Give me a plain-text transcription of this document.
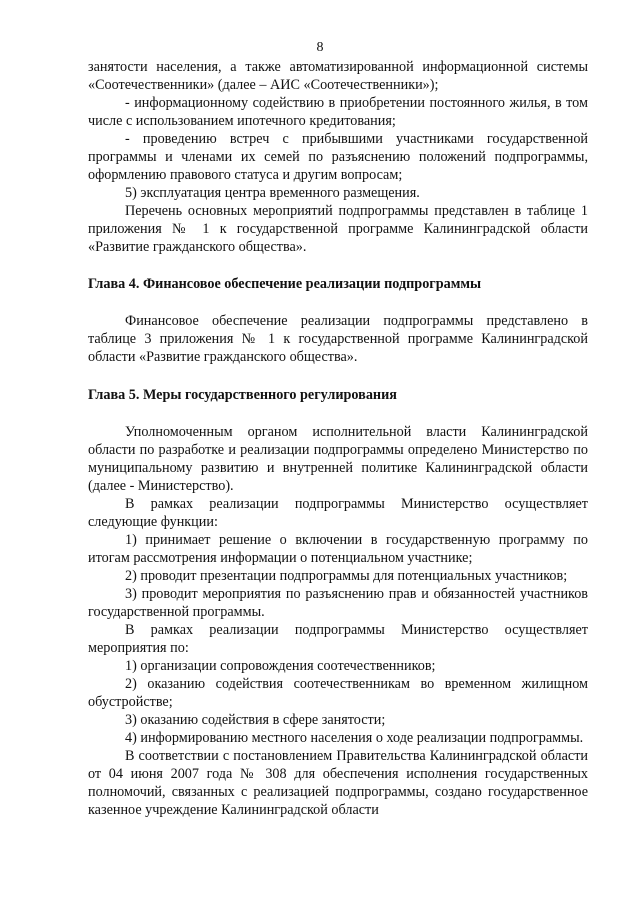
8

занятости населения, а также автоматизированной информационной системы «Соотечественники» (далее – АИС «Соотечественники»);

- информационному содействию в приобретении постоянного жилья, в том числе с использованием ипотечного кредитования;

- проведению встреч с прибывшими участниками государственной программы и членами их семей по разъяснению положений подпрограммы, оформлению правового статуса и другим вопросам;

5) эксплуатация центра временного размещения.

Перечень основных мероприятий подпрограммы представлен в таблице 1 приложения № 1 к государственной программе Калининградской области «Развитие гражданского общества».

Глава 4. Финансовое обеспечение реализации подпрограммы

Финансовое обеспечение реализации подпрограммы представлено в таблице 3 приложения № 1 к государственной программе Калининградской области «Развитие гражданского общества».

Глава 5. Меры государственного регулирования

Уполномоченным органом исполнительной власти Калининградской области по разработке и реализации подпрограммы определено Министерство по муниципальному развитию и внутренней политике Калининградской области (далее - Министерство).

В рамках реализации подпрограммы Министерство осуществляет следующие функции:

1) принимает решение о включении в государственную программу по итогам рассмотрения информации о потенциальном участнике;

2) проводит презентации подпрограммы для потенциальных участников;

3) проводит мероприятия по разъяснению прав и обязанностей участников государственной программы.

В рамках реализации подпрограммы Министерство осуществляет мероприятия по:

1) организации сопровождения соотечественников;

2) оказанию содействия соотечественникам во временном жилищном обустройстве;

3) оказанию содействия в сфере занятости;

4) информированию местного населения о ходе реализации подпрограммы.

В соответствии с постановлением Правительства Калининградской области от 04 июня 2007 года № 308 для обеспечения исполнения государственных полномочий, связанных с реализацией подпрограммы, создано государственное казенное учреждение Калининградской области
